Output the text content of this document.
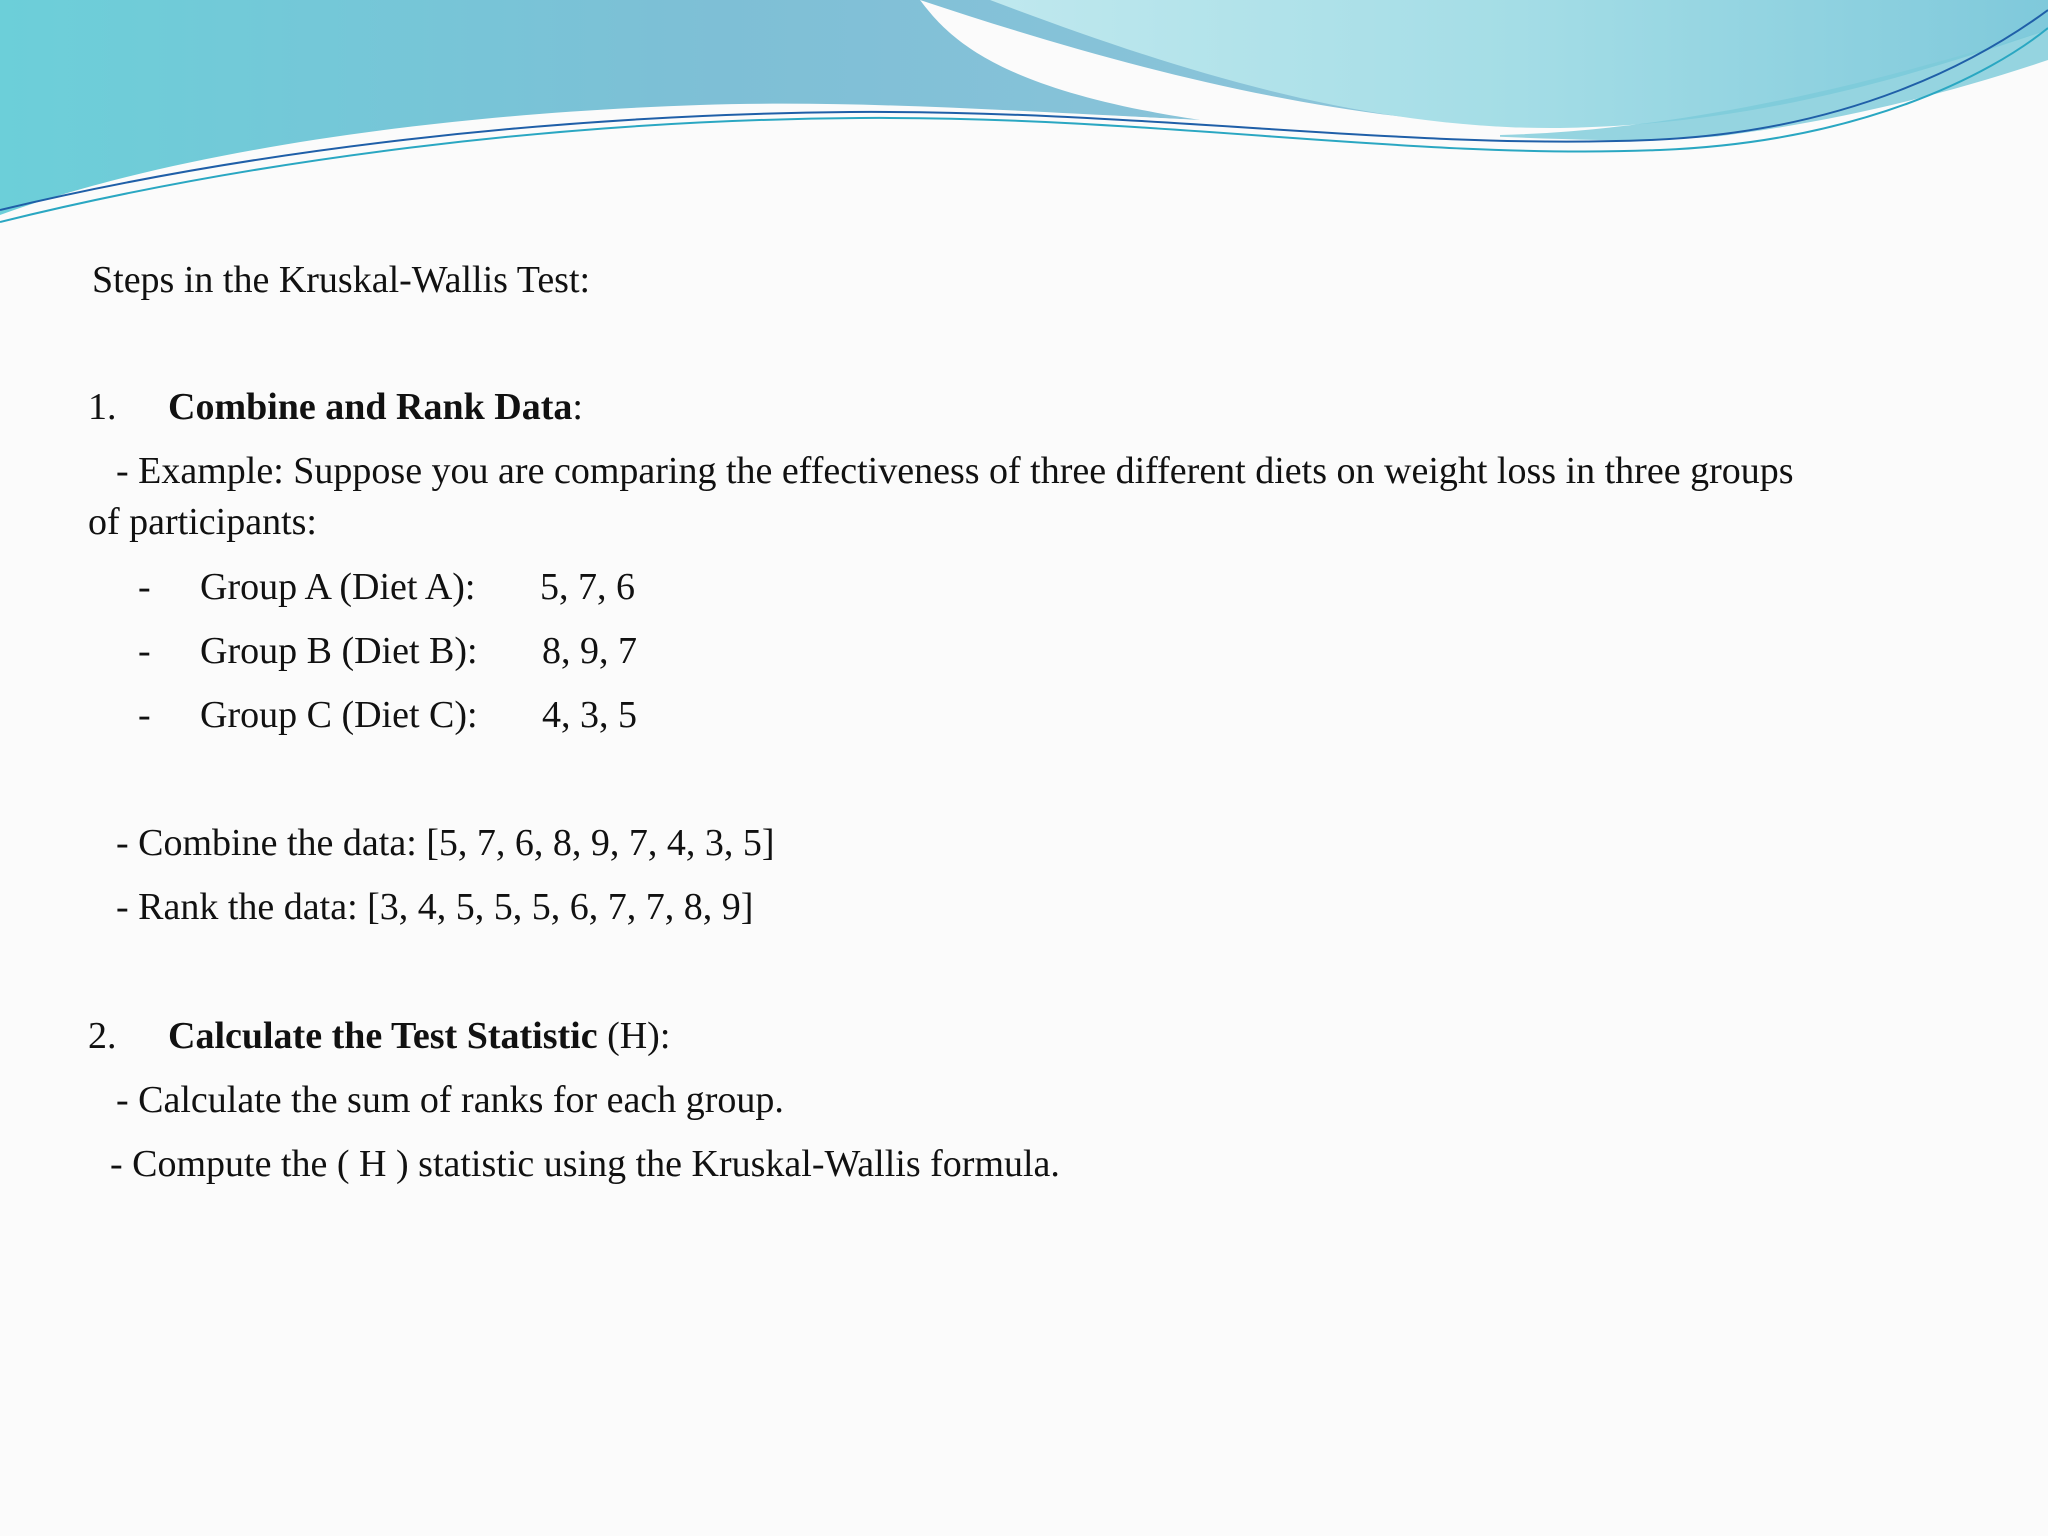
Steps in the Kruskal-Wallis Test:
1. Combine and Rank Data:
- Example: Suppose you are comparing the effectiveness of three different diets on weight loss in three groups
of participants:
- Group A (Diet A): 5, 7, 6
- Group B (Diet B): 8, 9, 7
- Group C (Diet C): 4, 3, 5
- Combine the data: [5, 7, 6, 8, 9, 7, 4, 3, 5]
- Rank the data: [3, 4, 5, 5, 5, 6, 7, 7, 8, 9]
2. Calculate the Test Statistic (H):
- Calculate the sum of ranks for each group.
- Compute the ( H ) statistic using the Kruskal-Wallis formula.
